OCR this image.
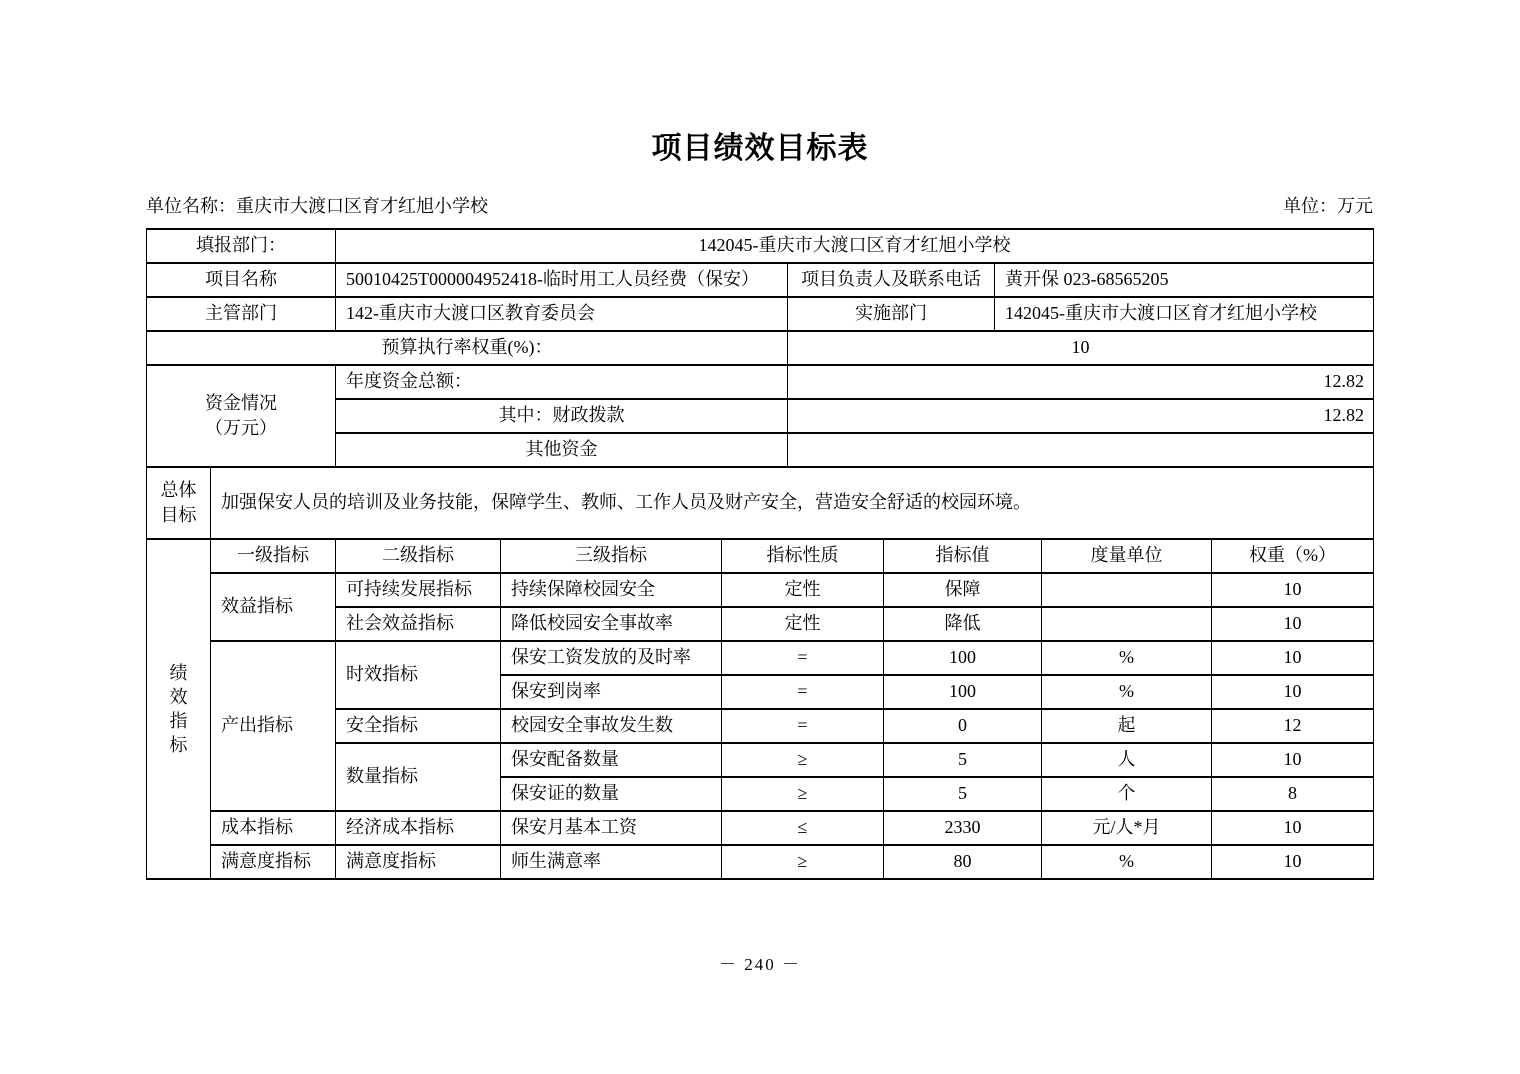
项目绩效目标表
单位名称：重庆市大渡口区育才红旭小学校	单位：万元
填报部门：		142045-重庆市大渡口区育才红旭小学校							
项目名称		50010425T000004952418-临时用工人员经费（保安）			项目负责人及联系电话		黄开保 023-68565205		
主管部门		142-重庆市大渡口区教育委员会			实施部门		142045-重庆市大渡口区育才红旭小学校		
预算执行率权重(%)：					10				

资金情况
（万元）		年度资金总额：			12.82				
		其中：财政拨款			12.82				
		其他资金							

总体
目标	加强保安人员的培训及业务技能，保障学生、教师、工作人员及财产安全，营造安全舒适的校园环境。								

绩
效
指
标	一级指标	二级指标	三级指标	指标性质		指标值		度量单位	权重（%）
	效益指标	可持续发展指标	持续保障校园安全	定性		保障			10
		社会效益指标	降低校园安全事故率	定性		降低			10
	产出指标	时效指标	保安工资发放的及时率	=		100		%	10
			保安到岗率	=		100		%	10
		安全指标	校园安全事故发生数	=		0		起	12
		数量指标	保安配备数量	≥		5		人	10
			保安证的数量	≥		5		个	8
	成本指标	经济成本指标	保安月基本工资	≤		2330		元/人*月	10
	满意度指标	满意度指标	师生满意率	≥		80		%	10
－ 240 －
